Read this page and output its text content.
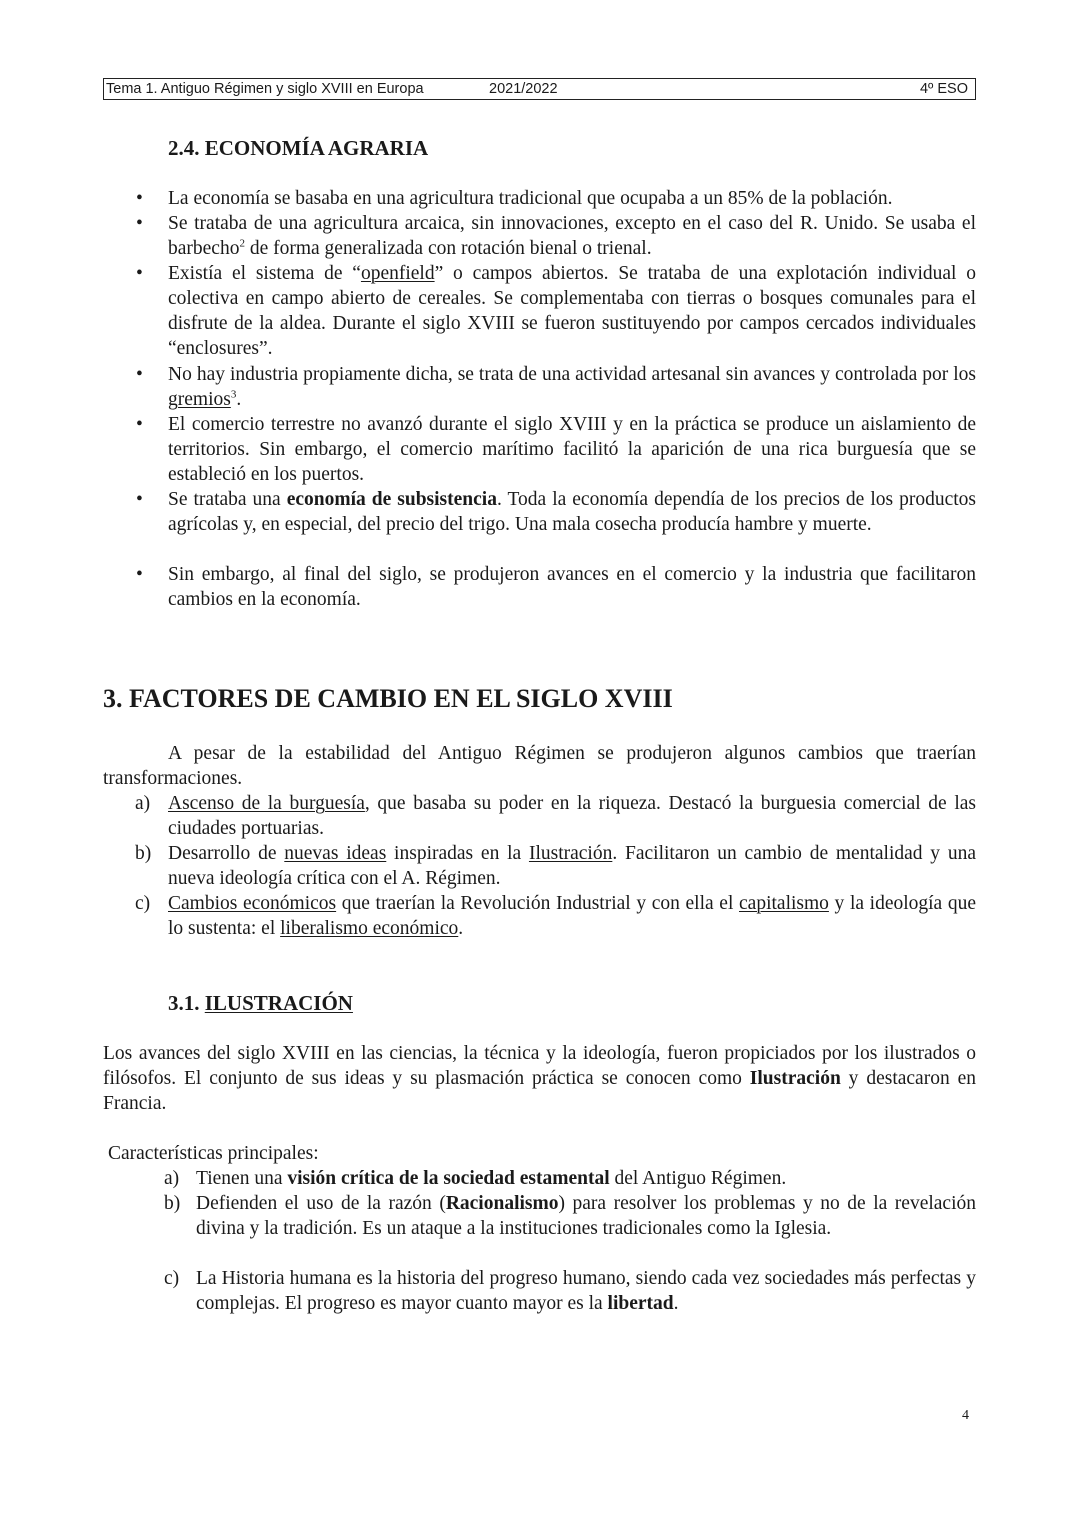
Tema 1. Antiguo Régimen y siglo XVIII en Europa	2021/2022	4º ESO
2.4. ECONOMÍA AGRARIA
• La economía se basaba en una agricultura tradicional que ocupaba a un 85% de la población.
• Se trataba de una agricultura arcaica, sin innovaciones, excepto en el caso del R. Unido. Se usaba el barbecho$^2$ de forma generalizada con rotación bienal o trienal.
• Existía el sistema de “openfield” o campos abiertos. Se trataba de una explotación individual o colectiva en campo abierto de cereales. Se complementaba con tierras o bosques comunales para el disfrute de la aldea. Durante el siglo XVIII se fueron sustituyendo por campos cercados individuales “enclosures”.
• No hay industria propiamente dicha, se trata de una actividad artesanal sin avances y controlada por los gremios$^3$.
• El comercio terrestre no avanzó durante el siglo XVIII y en la práctica se produce un aislamiento de territorios. Sin embargo, el comercio marítimo facilitó la aparición de una rica burguesía que se estableció en los puertos.
• Se trataba una economía de subsistencia. Toda la economía dependía de los precios de los productos agrícolas y, en especial, del precio del trigo. Una mala cosecha producía hambre y muerte.
• Sin embargo, al final del siglo, se produjeron avances en el comercio y la industria que facilitaron cambios en la economía.
3. FACTORES DE CAMBIO EN EL SIGLO XVIII
A pesar de la estabilidad del Antiguo Régimen se produjeron algunos cambios que traerían transformaciones.
a) Ascenso de la burguesía, que basaba su poder en la riqueza. Destacó la burguesia comercial de las ciudades portuarias.
b) Desarrollo de nuevas ideas inspiradas en la Ilustración. Facilitaron un cambio de mentalidad y una nueva ideología crítica con el A. Régimen.
c) Cambios económicos que traerían la Revolución Industrial y con ella el capitalismo y la ideología que lo sustenta: el liberalismo económico.
3.1. ILUSTRACIÓN
Los avances del siglo XVIII en las ciencias, la técnica y la ideología, fueron propiciados por los ilustrados o filósofos. El conjunto de sus ideas y su plasmación práctica se conocen como Ilustración y destacaron en Francia.
Características principales:
a) Tienen una visión crítica de la sociedad estamental del Antiguo Régimen.
b) Defienden el uso de la razón (Racionalismo) para resolver los problemas y no de la revelación divina y la tradición. Es un ataque a la instituciones tradicionales como la Iglesia.
c) La Historia humana es la historia del progreso humano, siendo cada vez sociedades más perfectas y complejas. El progreso es mayor cuanto mayor es la libertad.
4
